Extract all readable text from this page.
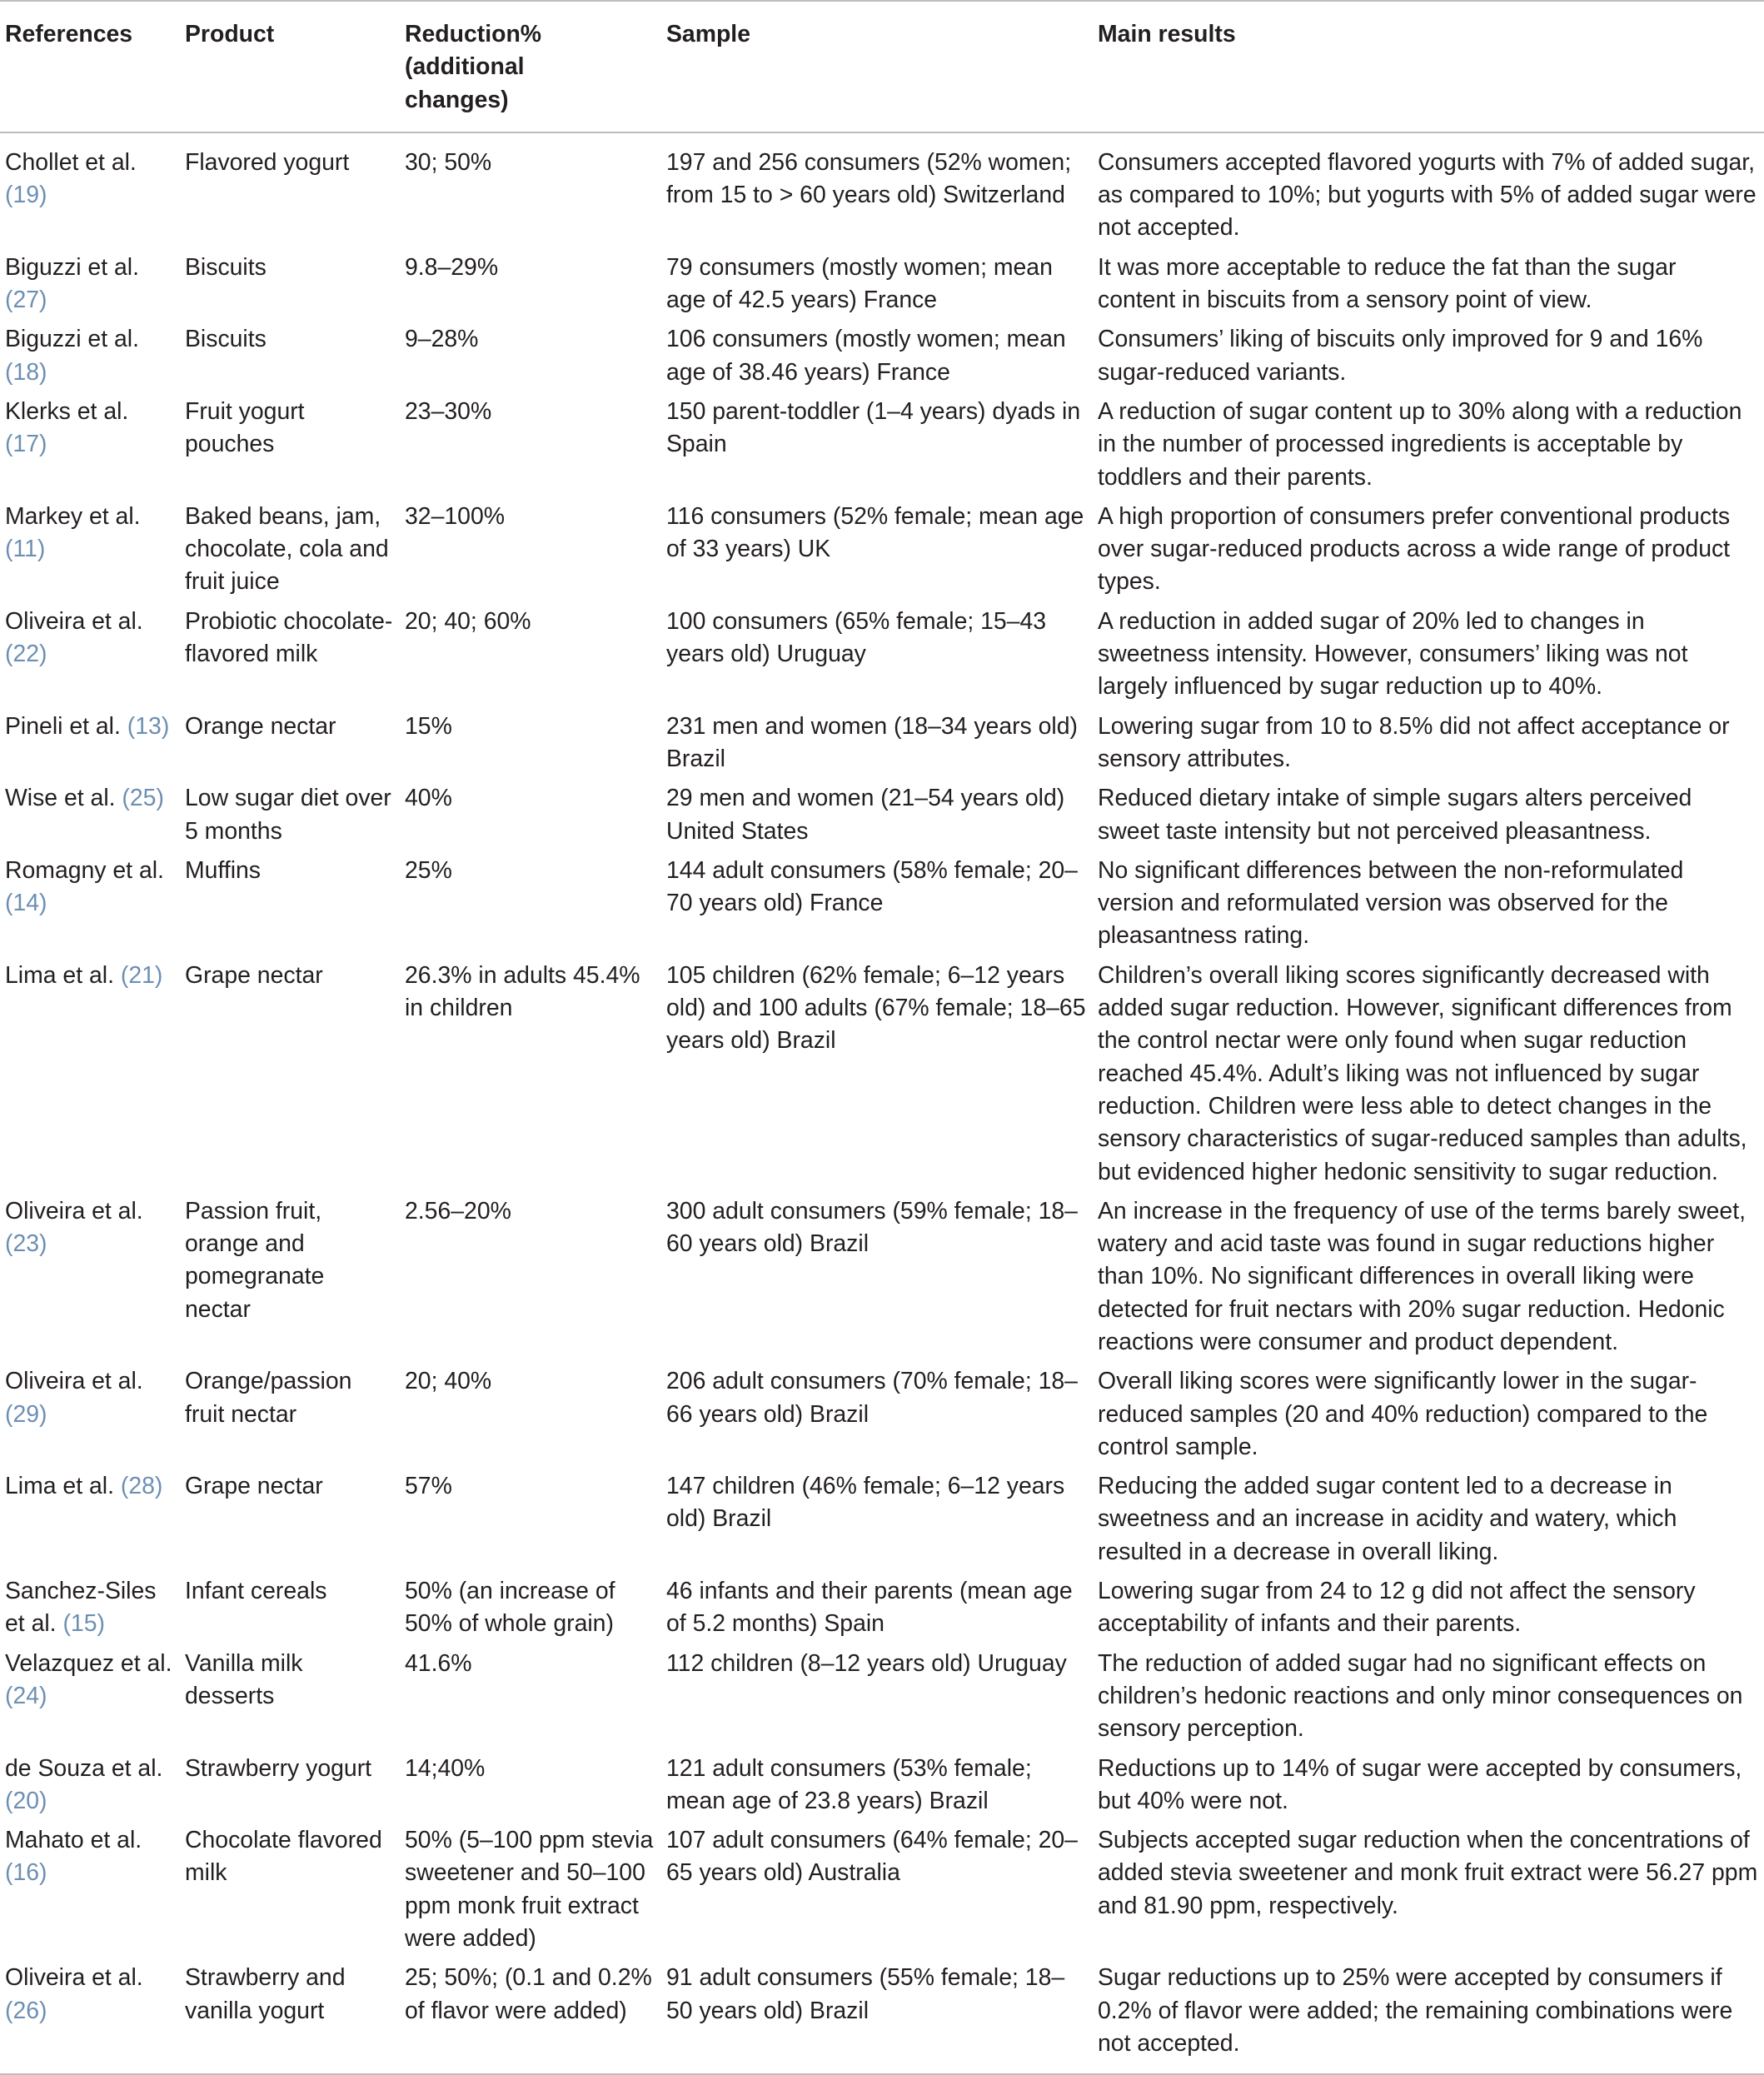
References	Product	Reduction% (additional changes)	Sample	Main results
Chollet et al. (19)	Flavored yogurt	30; 50%	197 and 256 consumers (52% women; from 15 to > 60 years old) Switzerland	Consumers accepted flavored yogurts with 7% of added sugar, as compared to 10%; but yogurts with 5% of added sugar were not accepted.
Biguzzi et al. (27)	Biscuits	9.8–29%	79 consumers (mostly women; mean age of 42.5 years) France	It was more acceptable to reduce the fat than the sugar content in biscuits from a sensory point of view.
Biguzzi et al. (18)	Biscuits	9–28%	106 consumers (mostly women; mean age of 38.46 years) France	Consumers’ liking of biscuits only improved for 9 and 16% sugar-reduced variants.
Klerks et al. (17)	Fruit yogurt pouches	23–30%	150 parent-toddler (1–4 years) dyads in Spain	A reduction of sugar content up to 30% along with a reduction in the number of processed ingredients is acceptable by toddlers and their parents.
Markey et al. (11)	Baked beans, jam, chocolate, cola and fruit juice	32–100%	116 consumers (52% female; mean age of 33 years) UK	A high proportion of consumers prefer conventional products over sugar-reduced products across a wide range of product types.
Oliveira et al. (22)	Probiotic chocolate-flavored milk	20; 40; 60%	100 consumers (65% female; 15–43 years old) Uruguay	A reduction in added sugar of 20% led to changes in sweetness intensity. However, consumers’ liking was not largely influenced by sugar reduction up to 40%.
Pineli et al. (13)	Orange nectar	15%	231 men and women (18–34 years old) Brazil	Lowering sugar from 10 to 8.5% did not affect acceptance or sensory attributes.
Wise et al. (25)	Low sugar diet over 5 months	40%	29 men and women (21–54 years old) United States	Reduced dietary intake of simple sugars alters perceived sweet taste intensity but not perceived pleasantness.
Romagny et al. (14)	Muffins	25%	144 adult consumers (58% female; 20–70 years old) France	No significant differences between the non-reformulated version and reformulated version was observed for the pleasantness rating.
Lima et al. (21)	Grape nectar	26.3% in adults 45.4% in children	105 children (62% female; 6–12 years old) and 100 adults (67% female; 18–65 years old) Brazil	Children’s overall liking scores significantly decreased with added sugar reduction. However, significant differences from the control nectar were only found when sugar reduction reached 45.4%. Adult’s liking was not influenced by sugar reduction. Children were less able to detect changes in the sensory characteristics of sugar-reduced samples than adults, but evidenced higher hedonic sensitivity to sugar reduction.
Oliveira et al. (23)	Passion fruit, orange and pomegranate nectar	2.56–20%	300 adult consumers (59% female; 18–60 years old) Brazil	An increase in the frequency of use of the terms barely sweet, watery and acid taste was found in sugar reductions higher than 10%. No significant differences in overall liking were detected for fruit nectars with 20% sugar reduction. Hedonic reactions were consumer and product dependent.
Oliveira et al. (29)	Orange/passion fruit nectar	20; 40%	206 adult consumers (70% female; 18–66 years old) Brazil	Overall liking scores were significantly lower in the sugar-reduced samples (20 and 40% reduction) compared to the control sample.
Lima et al. (28)	Grape nectar	57%	147 children (46% female; 6–12 years old) Brazil	Reducing the added sugar content led to a decrease in sweetness and an increase in acidity and watery, which resulted in a decrease in overall liking.
Sanchez-Siles et al. (15)	Infant cereals	50% (an increase of 50% of whole grain)	46 infants and their parents (mean age of 5.2 months) Spain	Lowering sugar from 24 to 12 g did not affect the sensory acceptability of infants and their parents.
Velazquez et al. (24)	Vanilla milk desserts	41.6%	112 children (8–12 years old) Uruguay	The reduction of added sugar had no significant effects on children’s hedonic reactions and only minor consequences on sensory perception.
de Souza et al. (20)	Strawberry yogurt	14;40%	121 adult consumers (53% female; mean age of 23.8 years) Brazil	Reductions up to 14% of sugar were accepted by consumers, but 40% were not.
Mahato et al. (16)	Chocolate flavored milk	50% (5–100 ppm stevia sweetener and 50–100 ppm monk fruit extract were added)	107 adult consumers (64% female; 20–65 years old) Australia	Subjects accepted sugar reduction when the concentrations of added stevia sweetener and monk fruit extract were 56.27 ppm and 81.90 ppm, respectively.
Oliveira et al. (26)	Strawberry and vanilla yogurt	25; 50%; (0.1 and 0.2% of flavor were added)	91 adult consumers (55% female; 18–50 years old) Brazil	Sugar reductions up to 25% were accepted by consumers if 0.2% of flavor were added; the remaining combinations were not accepted.
